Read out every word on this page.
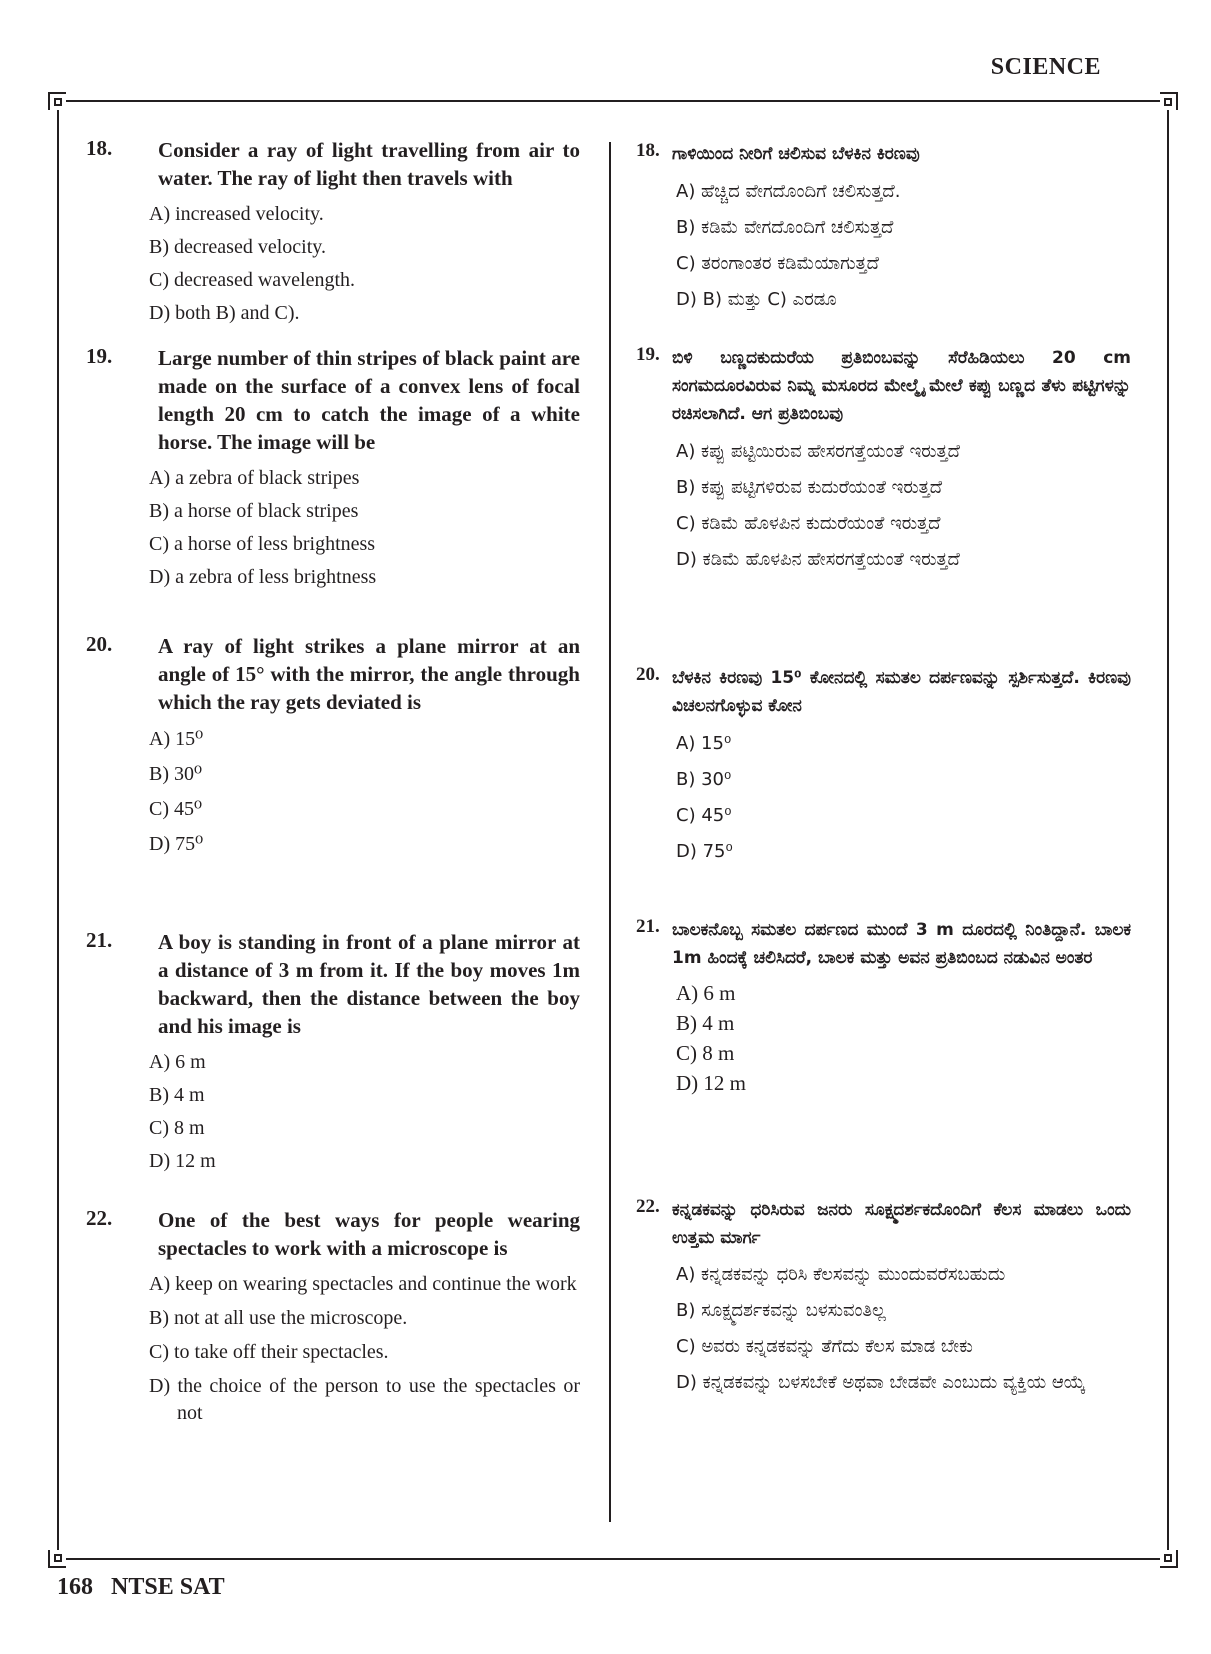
SCIENCE
18. Consider a ray of light travelling from air to water. The ray of light then travels with
A) increased velocity.
B) decreased velocity.
C) decreased wavelength.
D) both B) and C).
19. Large number of thin stripes of black paint are made on the surface of a convex lens of focal length 20 cm to catch the image of a white horse. The image will be
A) a zebra of black stripes
B) a horse of black stripes
C) a horse of less brightness
D) a zebra of less brightness
20. A ray of light strikes a plane mirror at an angle of 15° with the mirror, the angle through which the ray gets deviated is
A) 15⁰
B) 30⁰
C) 45⁰
D) 75⁰
21. A boy is standing in front of a plane mirror at a distance of 3 m from it. If the boy moves 1m backward, then the distance between the boy and his image is
A) 6 m
B) 4 m
C) 8 m
D) 12 m
22. One of the best ways for people wearing spectacles to work with a microscope is
A) keep on wearing spectacles and continue the work
B) not at all use the microscope.
C) to take off their spectacles.
D) the choice of the person to use the spectacles or not
18. ಗಾಳಿಯಿಂದ ನೀರಿಗೆ ಚಲಿಸುವ ಬೆಳಕಿನ ಕಿರಣವು
A) ಹೆಚ್ಚಿದ ವೇಗದೊಂದಿಗೆ ಚಲಿಸುತ್ತದೆ.
B) ಕಡಿಮೆ ವೇಗದೊಂದಿಗೆ ಚಲಿಸುತ್ತದೆ
C) ತರಂಗಾಂತರ ಕಡಿಮೆಯಾಗುತ್ತದೆ
D) B) ಮತ್ತು C) ಎರಡೂ
19. ಬಿಳಿ ಬಣ್ಣದಕುದುರೆಯ ಪ್ರತಿಬಿಂಬವನ್ನು ಸೆರೆಹಿಡಿಯಲು 20 cm ಸಂಗಮದೂರವಿರುವ ನಿಮ್ನ ಮಸೂರದ ಮೇಲ್ಮೈ ಮೇಲೆ ಕಪ್ಪು ಬಣ್ಣದ ತೆಳು ಪಟ್ಟಿಗಳನ್ನು ರಚಿಸಲಾಗಿದೆ. ಆಗ ಪ್ರತಿಬಿಂಬವು
A) ಕಪ್ಪು ಪಟ್ಟಿಯಿರುವ ಹೇಸರಗತ್ತೆಯಂತೆ ಇರುತ್ತದೆ
B) ಕಪ್ಪು ಪಟ್ಟಿಗಳಿರುವ ಕುದುರೆಯಂತೆ ಇರುತ್ತದೆ
C) ಕಡಿಮೆ ಹೊಳಪಿನ ಕುದುರೆಯಂತೆ ಇರುತ್ತದೆ
D) ಕಡಿಮೆ ಹೊಳಪಿನ ಹೇಸರಗತ್ತೆಯಂತೆ ಇರುತ್ತದೆ
20. ಬೆಳಕಿನ ಕಿರಣವು 15⁰ ಕೋನದಲ್ಲಿ ಸಮತಲ ದರ್ಪಣವನ್ನು ಸ್ಪರ್ಶಿಸುತ್ತದೆ. ಕಿರಣವು ವಿಚಲನಗೊಳ್ಳುವ ಕೋನ
A) 15⁰
B) 30⁰
C) 45⁰
D) 75⁰
21. ಬಾಲಕನೊಬ್ಬ ಸಮತಲ ದರ್ಪಣದ ಮುಂದೆ 3 m ದೂರದಲ್ಲಿ ನಿಂತಿದ್ದಾನೆ. ಬಾಲಕ 1m ಹಿಂದಕ್ಕೆ ಚಲಿಸಿದರೆ, ಬಾಲಕ ಮತ್ತು ಅವನ ಪ್ರತಿಬಿಂಬದ ನಡುವಿನ ಅಂತರ
A) 6 m
B) 4 m
C) 8 m
D) 12 m
22. ಕನ್ನಡಕವನ್ನು ಧರಿಸಿರುವ ಜನರು ಸೂಕ್ಷ್ಮದರ್ಶಕದೊಂದಿಗೆ ಕೆಲಸ ಮಾಡಲು ಒಂದು ಉತ್ತಮ ಮಾರ್ಗ
A) ಕನ್ನಡಕವನ್ನು ಧರಿಸಿ ಕೆಲಸವನ್ನು ಮುಂದುವರೆಸಬಹುದು
B) ಸೂಕ್ಷ್ಮದರ್ಶಕವನ್ನು ಬಳಸುವಂತಿಲ್ಲ
C) ಅವರು ಕನ್ನಡಕವನ್ನು ತೆಗೆದು ಕೆಲಸ ಮಾಡ ಬೇಕು
D) ಕನ್ನಡಕವನ್ನು ಬಳಸಬೇಕೆ ಅಥವಾ ಬೇಡವೇ ಎಂಬುದು ವ್ಯಕ್ತಿಯ ಆಯ್ಕೆ
168 NTSE SAT
